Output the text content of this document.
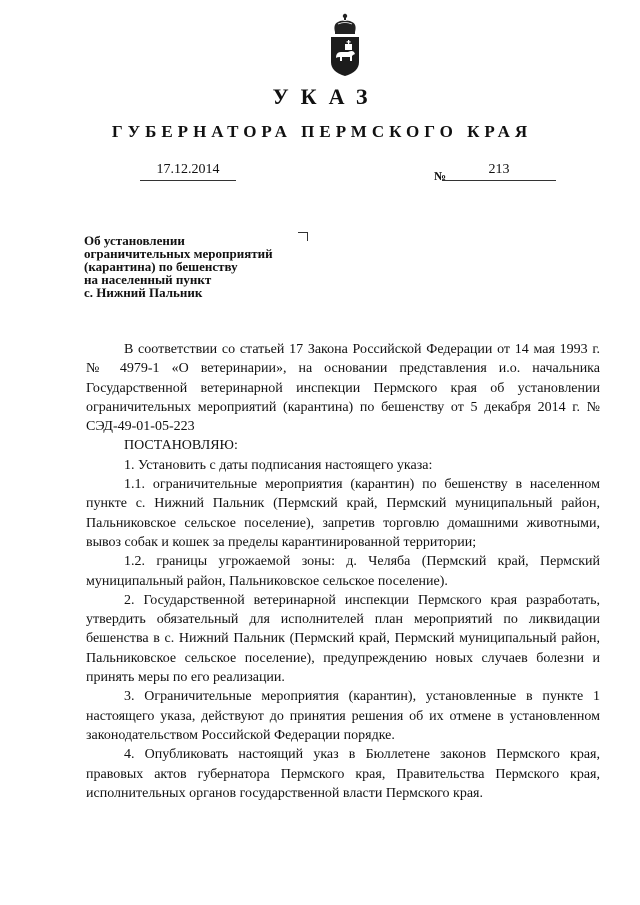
УКАЗ
ГУБЕРНАТОРА ПЕРМСКОГО КРАЯ
17.12.2014	№	213
Об установлении
ограничительных мероприятий
(карантина) по бешенству
на населенный пункт
с. Нижний Пальник

В соответствии со статьей 17 Закона Российской Федерации от 14 мая 1993 г. № 4979-1 «О ветеринарии», на основании представления и.о. начальника Государственной ветеринарной инспекции Пермского края об установлении ограничительных мероприятий (карантина) по бешенству от 5 декабря 2014 г. № СЭД-49-01-05-223

ПОСТАНОВЛЯЮ:

1. Установить с даты подписания настоящего указа:

1.1. ограничительные мероприятия (карантин) по бешенству в населенном пункте с. Нижний Пальник (Пермский край, Пермский муниципальный район, Пальниковское сельское поселение), запретив торговлю домашними животными, вывоз собак и кошек за пределы карантинированной территории;

1.2. границы угрожаемой зоны: д. Челяба (Пермский край, Пермский муниципальный район, Пальниковское сельское поселение).

2. Государственной ветеринарной инспекции Пермского края разработать, утвердить обязательный для исполнителей план мероприятий по ликвидации бешенства в с. Нижний Пальник (Пермский край, Пермский муниципальный район, Пальниковское сельское поселение), предупреждению новых случаев болезни и принять меры по его реализации.

3. Ограничительные мероприятия (карантин), установленные в пункте 1 настоящего указа, действуют до принятия решения об их отмене в установленном законодательством Российской Федерации порядке.

4. Опубликовать настоящий указ в Бюллетене законов Пермского края, правовых актов губернатора Пермского края, Правительства Пермского края, исполнительных органов государственной власти Пермского края.
